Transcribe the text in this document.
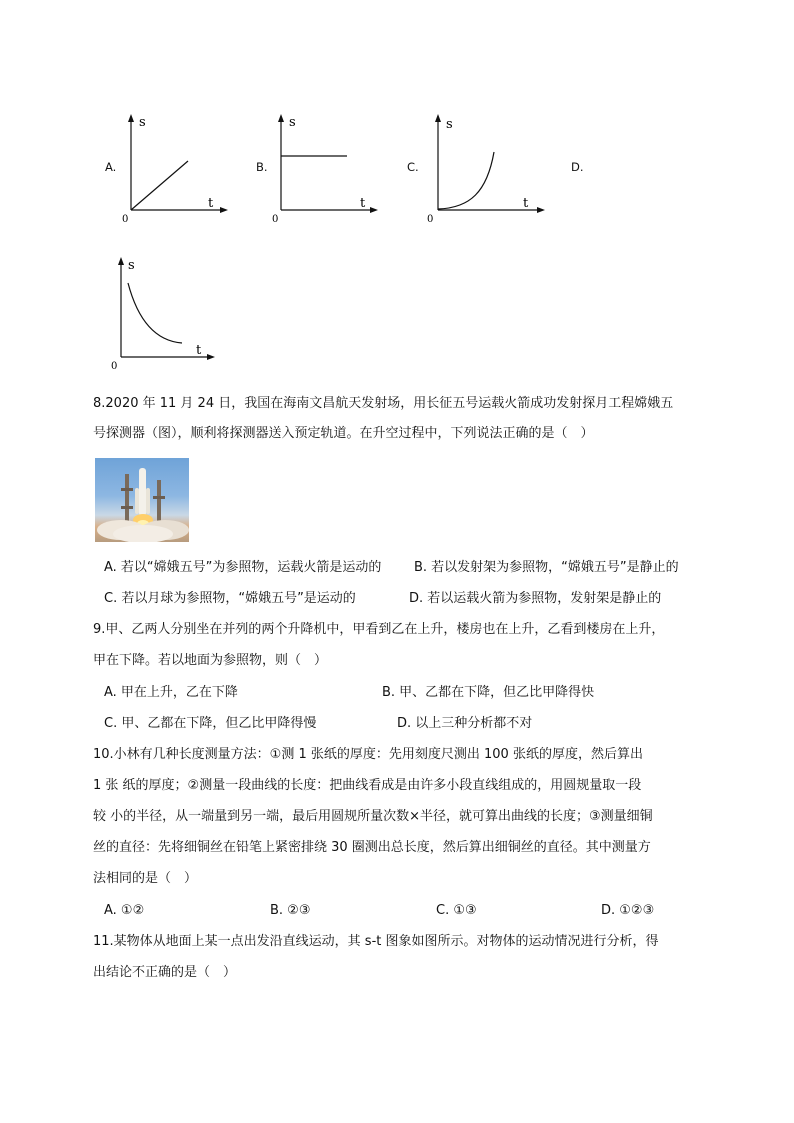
A.	B.	C.	D.
s
t
0
s
t
0
s
t
0
s
t
0
8.2020 年 11 月 24 日，我国在海南文昌航天发射场，用长征五号运载火箭成功发射探月工程嫦娥五
号探测器（图），顺利将探测器送入预定轨道。在升空过程中，下列说法正确的是（　）
A. 若以“嫦娥五号”为参照物，运载火箭是运动的	B. 若以发射架为参照物，“嫦娥五号”是静止的
C. 若以月球为参照物，“嫦娥五号”是运动的	D. 若以运载火箭为参照物，发射架是静止的
9.甲、乙两人分别坐在并列的两个升降机中，甲看到乙在上升，楼房也在上升，乙看到楼房在上升，
甲在下降。若以地面为参照物，则（　）
A. 甲在上升，乙在下降	B. 甲、乙都在下降，但乙比甲降得快
C. 甲、乙都在下降，但乙比甲降得慢	D. 以上三种分析都不对
10.小林有几种长度测量方法：①测 1 张纸的厚度：先用刻度尺测出 100 张纸的厚度，然后算出
1 张 纸的厚度；②测量一段曲线的长度：把曲线看成是由许多小段直线组成的，用圆规量取一段
较 小的半径，从一端量到另一端，最后用圆规所量次数×半径，就可算出曲线的长度；③测量细铜
丝的直径：先将细铜丝在铅笔上紧密排绕 30 圈测出总长度，然后算出细铜丝的直径。其中测量方
法相同的是（　）
A. ①②	B. ②③	C. ①③	D. ①②③
11.某物体从地面上某一点出发沿直线运动，其 s-t 图象如图所示。对物体的运动情况进行分析，得
出结论不正确的是（　）
